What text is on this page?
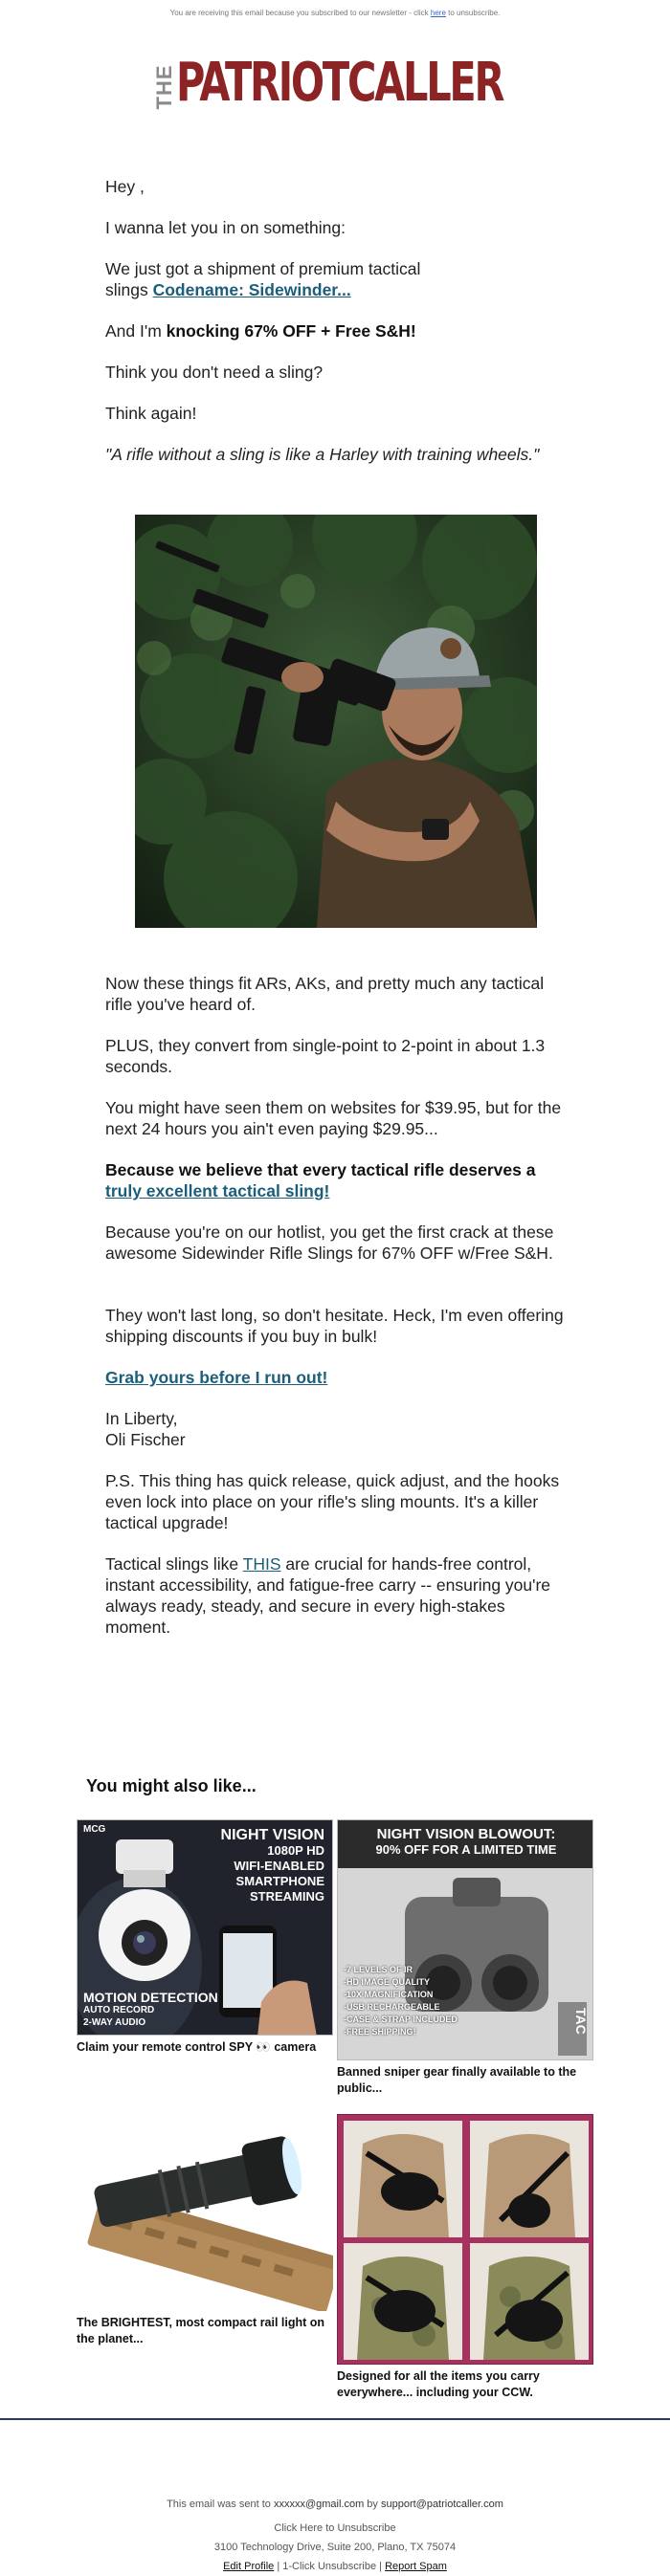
You are receiving this email because you subscribed to our newsletter - click here to unsubscribe.
THE PATRIOTCALLER
Hey ,
I wanna let you in on something:
We just got a shipment of premium tactical slings Codename: Sidewinder...
And I'm knocking 67% OFF + Free S&H!
Think you don't need a sling?
Think again!
"A rifle without a sling is like a Harley with training wheels."
Now these things fit ARs, AKs, and pretty much any tactical rifle you've heard of.
PLUS, they convert from single-point to 2-point in about 1.3 seconds.
You might have seen them on websites for $39.95, but for the next 24 hours you ain't even paying $29.95...
Because we believe that every tactical rifle deserves a truly excellent tactical sling!
Because you're on our hotlist, you get the first crack at these awesome Sidewinder Rifle Slings for 67% OFF w/Free S&H.
They won't last long, so don't hesitate. Heck, I'm even offering shipping discounts if you buy in bulk!
Grab yours before I run out!
In Liberty,
Oli Fischer
P.S. This thing has quick release, quick adjust, and the hooks even lock into place on your rifle's sling mounts. It's a killer tactical upgrade!
Tactical slings like THIS are crucial for hands-free control, instant accessibility, and fatigue-free carry -- ensuring you're always ready, steady, and secure in every high-stakes moment.
You might also like...
MCG	NIGHT VISION
1080P HD
WIFI-ENABLED
SMARTPHONE
STREAMING
MOTION DETECTION
AUTO RECORD
2-WAY AUDIO
Claim your remote control SPY 👀 camera
NIGHT VISION BLOWOUT:
90% OFF FOR A LIMITED TIME
-7 LEVELS OF IR
-HD IMAGE QUALITY
-10X MAGNIFICATION
-USB RECHARGEABLE
-CASE & STRAP INCLUDED
-FREE SHIPPING!	TAC
Banned sniper gear finally available to the public...
The BRIGHTEST, most compact rail light on the planet...
Designed for all the items you carry everywhere... including your CCW.
This email was sent to xxxxxx@gmail.com by support@patriotcaller.com
Click Here to Unsubscribe
3100 Technology Drive, Suite 200, Plano, TX 75074
Edit Profile | 1-Click Unsubscribe | Report Spam
